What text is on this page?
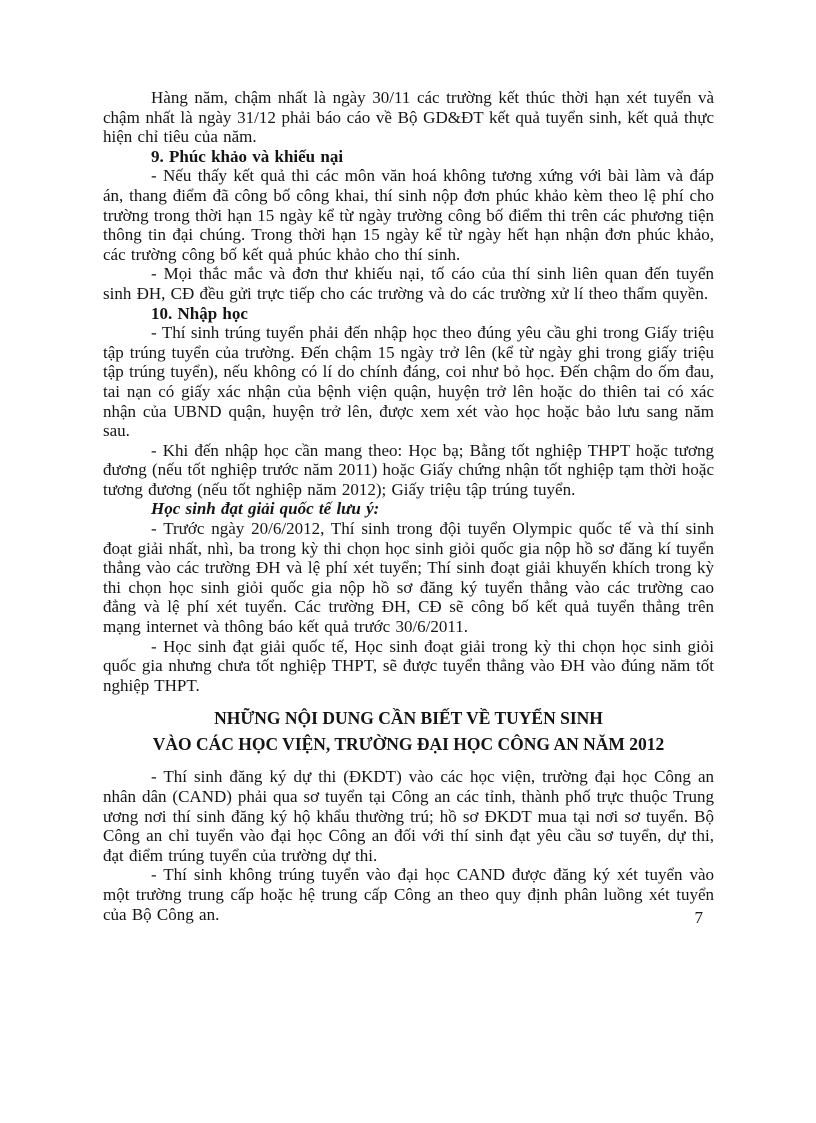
Hàng năm, chậm nhất là ngày 30/11 các trường kết thúc thời hạn xét tuyển và chậm nhất là ngày 31/12 phải báo cáo về Bộ GD&ĐT kết quả tuyển sinh, kết quả thực hiện chỉ tiêu của năm.

9. Phúc khảo và khiếu nại

- Nếu thấy kết quả thi các môn văn hoá không tương xứng với bài làm và đáp án, thang điểm đã công bố công khai, thí sinh nộp đơn phúc khảo kèm theo lệ phí cho trường trong thời hạn 15 ngày kể từ ngày trường công bố điểm thi trên các phương tiện thông tin đại chúng. Trong thời hạn 15 ngày kể từ ngày hết hạn nhận đơn phúc khảo, các trường công bố kết quả phúc khảo cho thí sinh.

- Mọi thắc mắc và đơn thư khiếu nại, tố cáo của thí sinh liên quan đến tuyển sinh ĐH, CĐ đều gửi trực tiếp cho các trường và do các trường xử lí theo thẩm quyền.

10. Nhập học

- Thí sinh trúng tuyển phải đến nhập học theo đúng yêu cầu ghi trong Giấy triệu tập trúng tuyển của trường. Đến chậm 15 ngày trở lên (kể từ ngày ghi trong giấy triệu tập trúng tuyển), nếu không có lí do chính đáng, coi như bỏ học. Đến chậm do ốm đau, tai nạn có giấy xác nhận của bệnh viện quận, huyện trở lên hoặc do thiên tai có xác nhận của UBND quận, huyện trở lên, được xem xét vào học hoặc bảo lưu sang năm sau.

- Khi đến nhập học cần mang theo: Học bạ; Bằng tốt nghiệp THPT hoặc tương đương (nếu tốt nghiệp trước năm 2011) hoặc Giấy chứng nhận tốt nghiệp tạm thời hoặc tương đương (nếu tốt nghiệp năm 2012); Giấy triệu tập trúng tuyển.

Học sinh đạt giải quốc tế lưu ý:

- Trước ngày 20/6/2012, Thí sinh trong đội tuyển Olympic quốc tế và thí sinh đoạt giải nhất, nhì, ba trong kỳ thi chọn học sinh giỏi quốc gia nộp hồ sơ đăng kí tuyển thẳng vào các trường ĐH và lệ phí xét tuyển; Thí sinh đoạt giải khuyến khích trong kỳ thi chọn học sinh giỏi quốc gia nộp hồ sơ đăng ký tuyển thẳng vào các trường cao đẳng và lệ phí xét tuyển. Các trường ĐH, CĐ sẽ công bố kết quả tuyển thẳng trên mạng internet và thông báo kết quả trước 30/6/2011.

- Học sinh đạt giải quốc tế, Học sinh đoạt giải trong kỳ thi chọn học sinh giỏi quốc gia nhưng chưa tốt nghiệp THPT, sẽ được tuyển thẳng vào ĐH vào đúng năm tốt nghiệp THPT.

NHỮNG NỘI DUNG CẦN BIẾT VỀ TUYỂN SINH

VÀO CÁC HỌC VIỆN, TRƯỜNG ĐẠI HỌC CÔNG AN NĂM 2012

- Thí sinh đăng ký dự thi (ĐKDT) vào các học viện, trường đại học Công an nhân dân (CAND) phải qua sơ tuyển tại Công an các tỉnh, thành phố trực thuộc Trung ương nơi thí sinh đăng ký hộ khẩu thường trú; hồ sơ ĐKDT mua tại nơi sơ tuyển. Bộ Công an chỉ tuyển vào đại học Công an đối với thí sinh đạt yêu cầu sơ tuyển, dự thi, đạt điểm trúng tuyển của trường dự thi.

- Thí sinh không trúng tuyển vào đại học CAND được đăng ký xét tuyển vào một trường trung cấp hoặc hệ trung cấp Công an theo quy định phân luồng xét tuyển của Bộ Công an.	7
